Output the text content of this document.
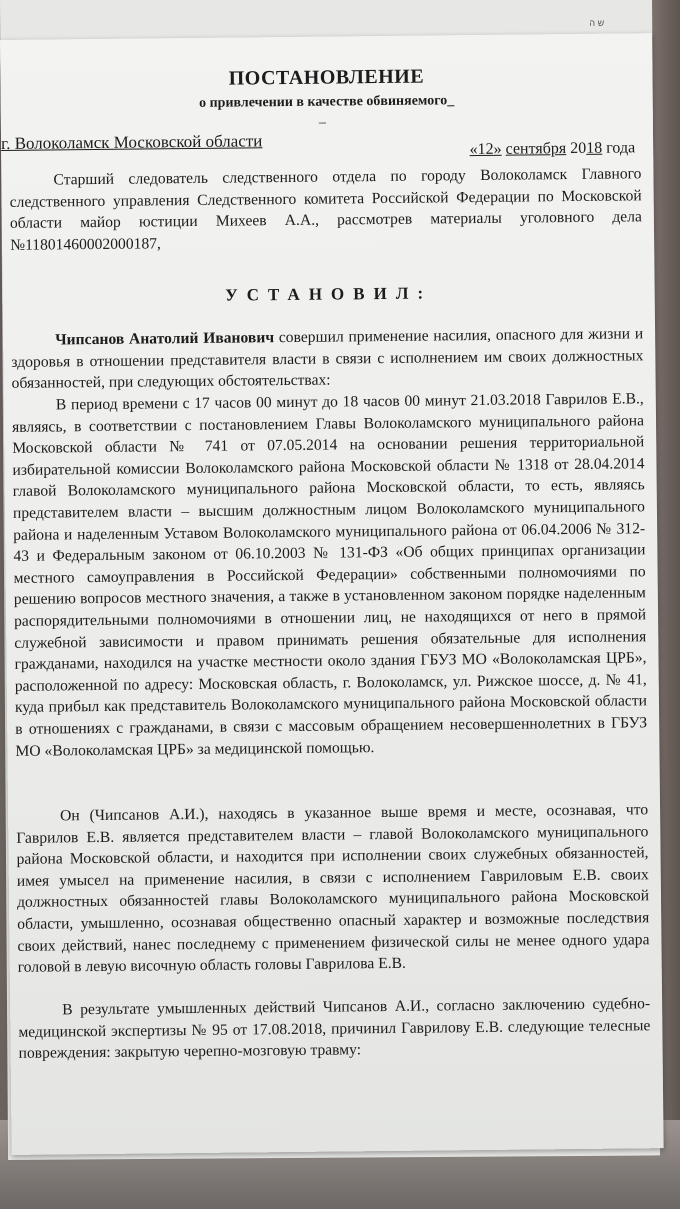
ש ה
ПОСТАНОВЛЕНИЕ
о привлечении в качестве обвиняемого_
_
г. Волоколамск Московской области	«12» сентября 2018 года
Старший следователь следственного отдела по городу Волоколамск Главного следственного управления Следственного комитета Российской Федерации по Московской области майор юстиции Михеев А.А., рассмотрев материалы уголовного дела №11801460002000187,
УСТАНОВИЛ:
Чипсанов Анатолий Иванович совершил применение насилия, опасного для жизни и здоровья в отношении представителя власти в связи с исполнением им своих должностных обязанностей, при следующих обстоятельствах:
В период времени с 17 часов 00 минут до 18 часов 00 минут 21.03.2018 Гаврилов Е.В., являясь, в соответствии с постановлением Главы Волоколамского муниципального района Московской области № 741 от 07.05.2014 на основании решения территориальной избирательной комиссии Волоколамского района Московской области № 1318 от 28.04.2014 главой Волоколамского муниципального района Московской области, то есть, являясь представителем власти – высшим должностным лицом Волоколамского муниципального района и наделенным Уставом Волоколамского муниципального района от 06.04.2006 № 312-43 и Федеральным законом от 06.10.2003 № 131-ФЗ «Об общих принципах организации местного самоуправления в Российской Федерации» собственными полномочиями по решению вопросов местного значения, а также в установленном законом порядке наделенным распорядительными полномочиями в отношении лиц, не находящихся от него в прямой служебной зависимости и правом принимать решения обязательные для исполнения гражданами, находился на участке местности около здания ГБУЗ МО «Волоколамская ЦРБ», расположенной по адресу: Московская область, г. Волоколамск, ул. Рижское шоссе, д. № 41, куда прибыл как представитель Волоколамского муниципального района Московской области в отношениях с гражданами, в связи с массовым обращением несовершеннолетних в ГБУЗ МО «Волоколамская ЦРБ» за медицинской помощью.
Он (Чипсанов А.И.), находясь в указанное выше время и месте, осознавая, что Гаврилов Е.В. является представителем власти – главой Волоколамского муниципального района Московской области, и находится при исполнении своих служебных обязанностей, имея умысел на применение насилия, в связи с исполнением Гавриловым Е.В. своих должностных обязанностей главы Волоколамского муниципального района Московской области, умышленно, осознавая общественно опасный характер и возможные последствия своих действий, нанес последнему с применением физической силы не менее одного удара головой в левую височную область головы Гаврилова Е.В.
В результате умышленных действий Чипсанов А.И., согласно заключению судебно-медицинской экспертизы № 95 от 17.08.2018, причинил Гаврилову Е.В. следующие телесные повреждения: закрытую черепно-мозговую травму:
